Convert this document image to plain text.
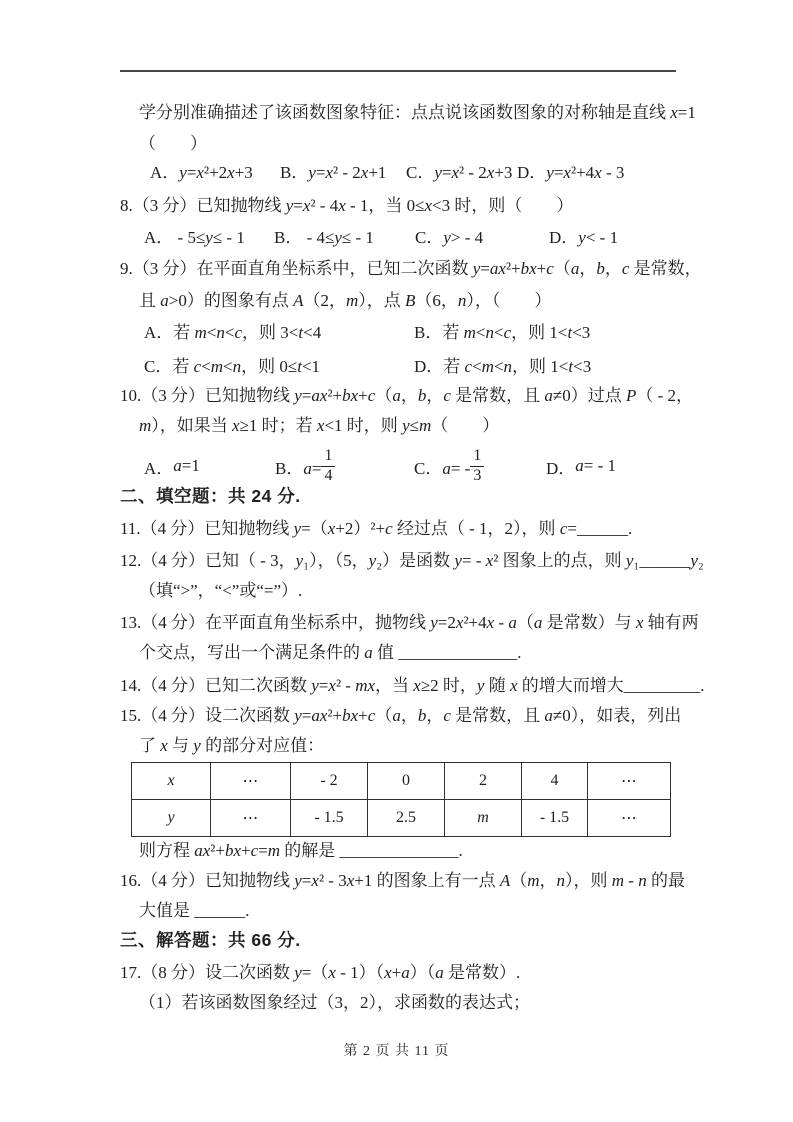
学分别准确描述了该函数图象特征：点点说该函数图象的对称轴是直线 x=1
（　　）
A．y=x²+2x+3 B．y=x² - 2x+1 C．y=x² - 2x+3 D．y=x²+4x - 3
8.（3 分）已知抛物线 y=x² - 4x - 1，当 0≤x<3 时，则（　　）
A． - 5≤y≤ - 1 B． - 4≤y≤ - 1 C．y> - 4	D．y< - 1
9.（3 分）在平面直角坐标系中，已知二次函数 y=ax²+bx+c（a，b，c 是常数，
且 a>0）的图象有点 A（2，m），点 B（6，n），（　　）
A．若 m<n<c，则 3<t<4	B．若 m<n<c，则 1<t<3
C．若 c<m<n，则 0≤t<1	D．若 c<m<n，则 1<t<3
10.（3 分）已知抛物线 y=ax²+bx+c（a，b，c 是常数，且 a≠0）过点 P（ - 2，
m），如果当 x≥1 时；若 x<1 时，则 y≤m（　　）
A． a =1	B．$a= \frac{1}{4}$	C．$a= - \frac{1}{3}$	D． a = - 1
二、填空题：共 24 分.
11.（4 分）已知抛物线 y=（x+2）²+c 经过点（ - 1，2），则 c=______.
12.（4 分）已知（ - 3，y₁），（5，y₂）是函数 y= - x² 图象上的点，则 y₁______y₂
（填“>”，“<”或“=”）.
13.（4 分）在平面直角坐标系中，抛物线 y=2x²+4x - a（a 是常数）与 x 轴有两
个交点，写出一个满足条件的 a 值 ______________.
14.（4 分）已知二次函数 y=x² - mx，当 x≥2 时，y 随 x 的增大而增大_________.
15.（4 分）设二次函数 y=ax²+bx+c（a，b，c 是常数，且 a≠0），如表，列出
了 x 与 y 的部分对应值：
x	⋯	- 2	0	2	4	⋯
y	⋯	- 1.5	2.5	m	- 1.5	⋯
则方程 ax²+bx+c=m 的解是 ______________.
16.（4 分）已知抛物线 y=x² - 3x+1 的图象上有一点 A（m，n），则 m - n 的最
大值是 ______.
三、解答题：共 66 分.
17.（8 分）设二次函数 y=（x - 1）（x+a）（a 是常数）.
（1）若该函数图象经过（3，2），求函数的表达式；
第 2 页 共 11 页
